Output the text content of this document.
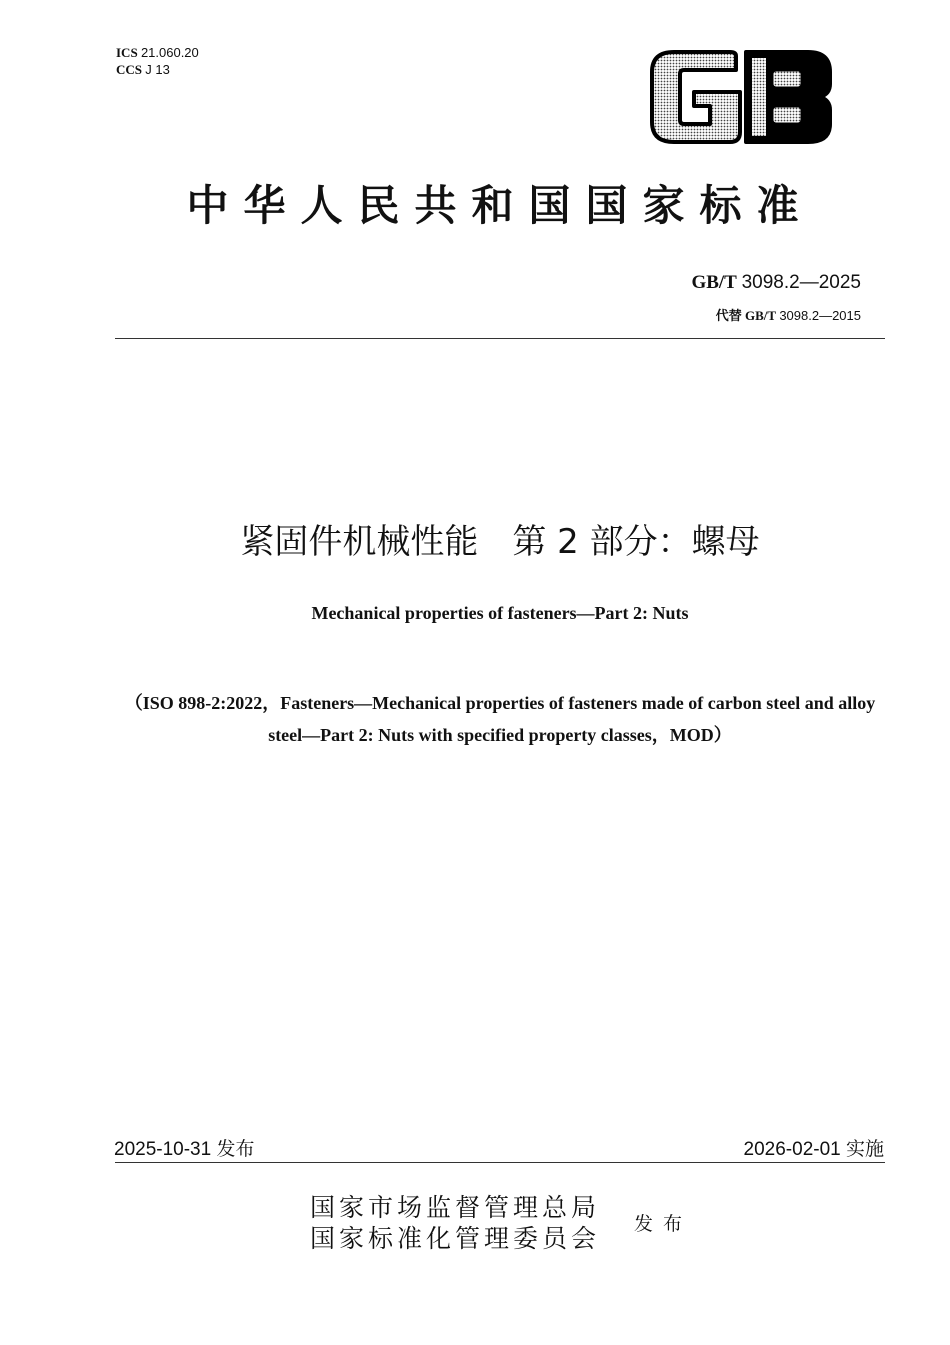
ICS 21.060.20
CCS J 13
中华人民共和国国家标准
GB/T 3098.2—2025
代替 GB/T 3098.2—2015
紧固件机械性能　第 2 部分：螺母
Mechanical properties of fasteners—Part 2: Nuts
（ISO 898-2:2022，Fasteners—Mechanical properties of fasteners made of carbon steel and alloy steel—Part 2: Nuts with specified property classes，MOD）
2025-10-31 发布	2026-02-01 实施
国家市场监督管理总局
国家标准化管理委员会 发布
